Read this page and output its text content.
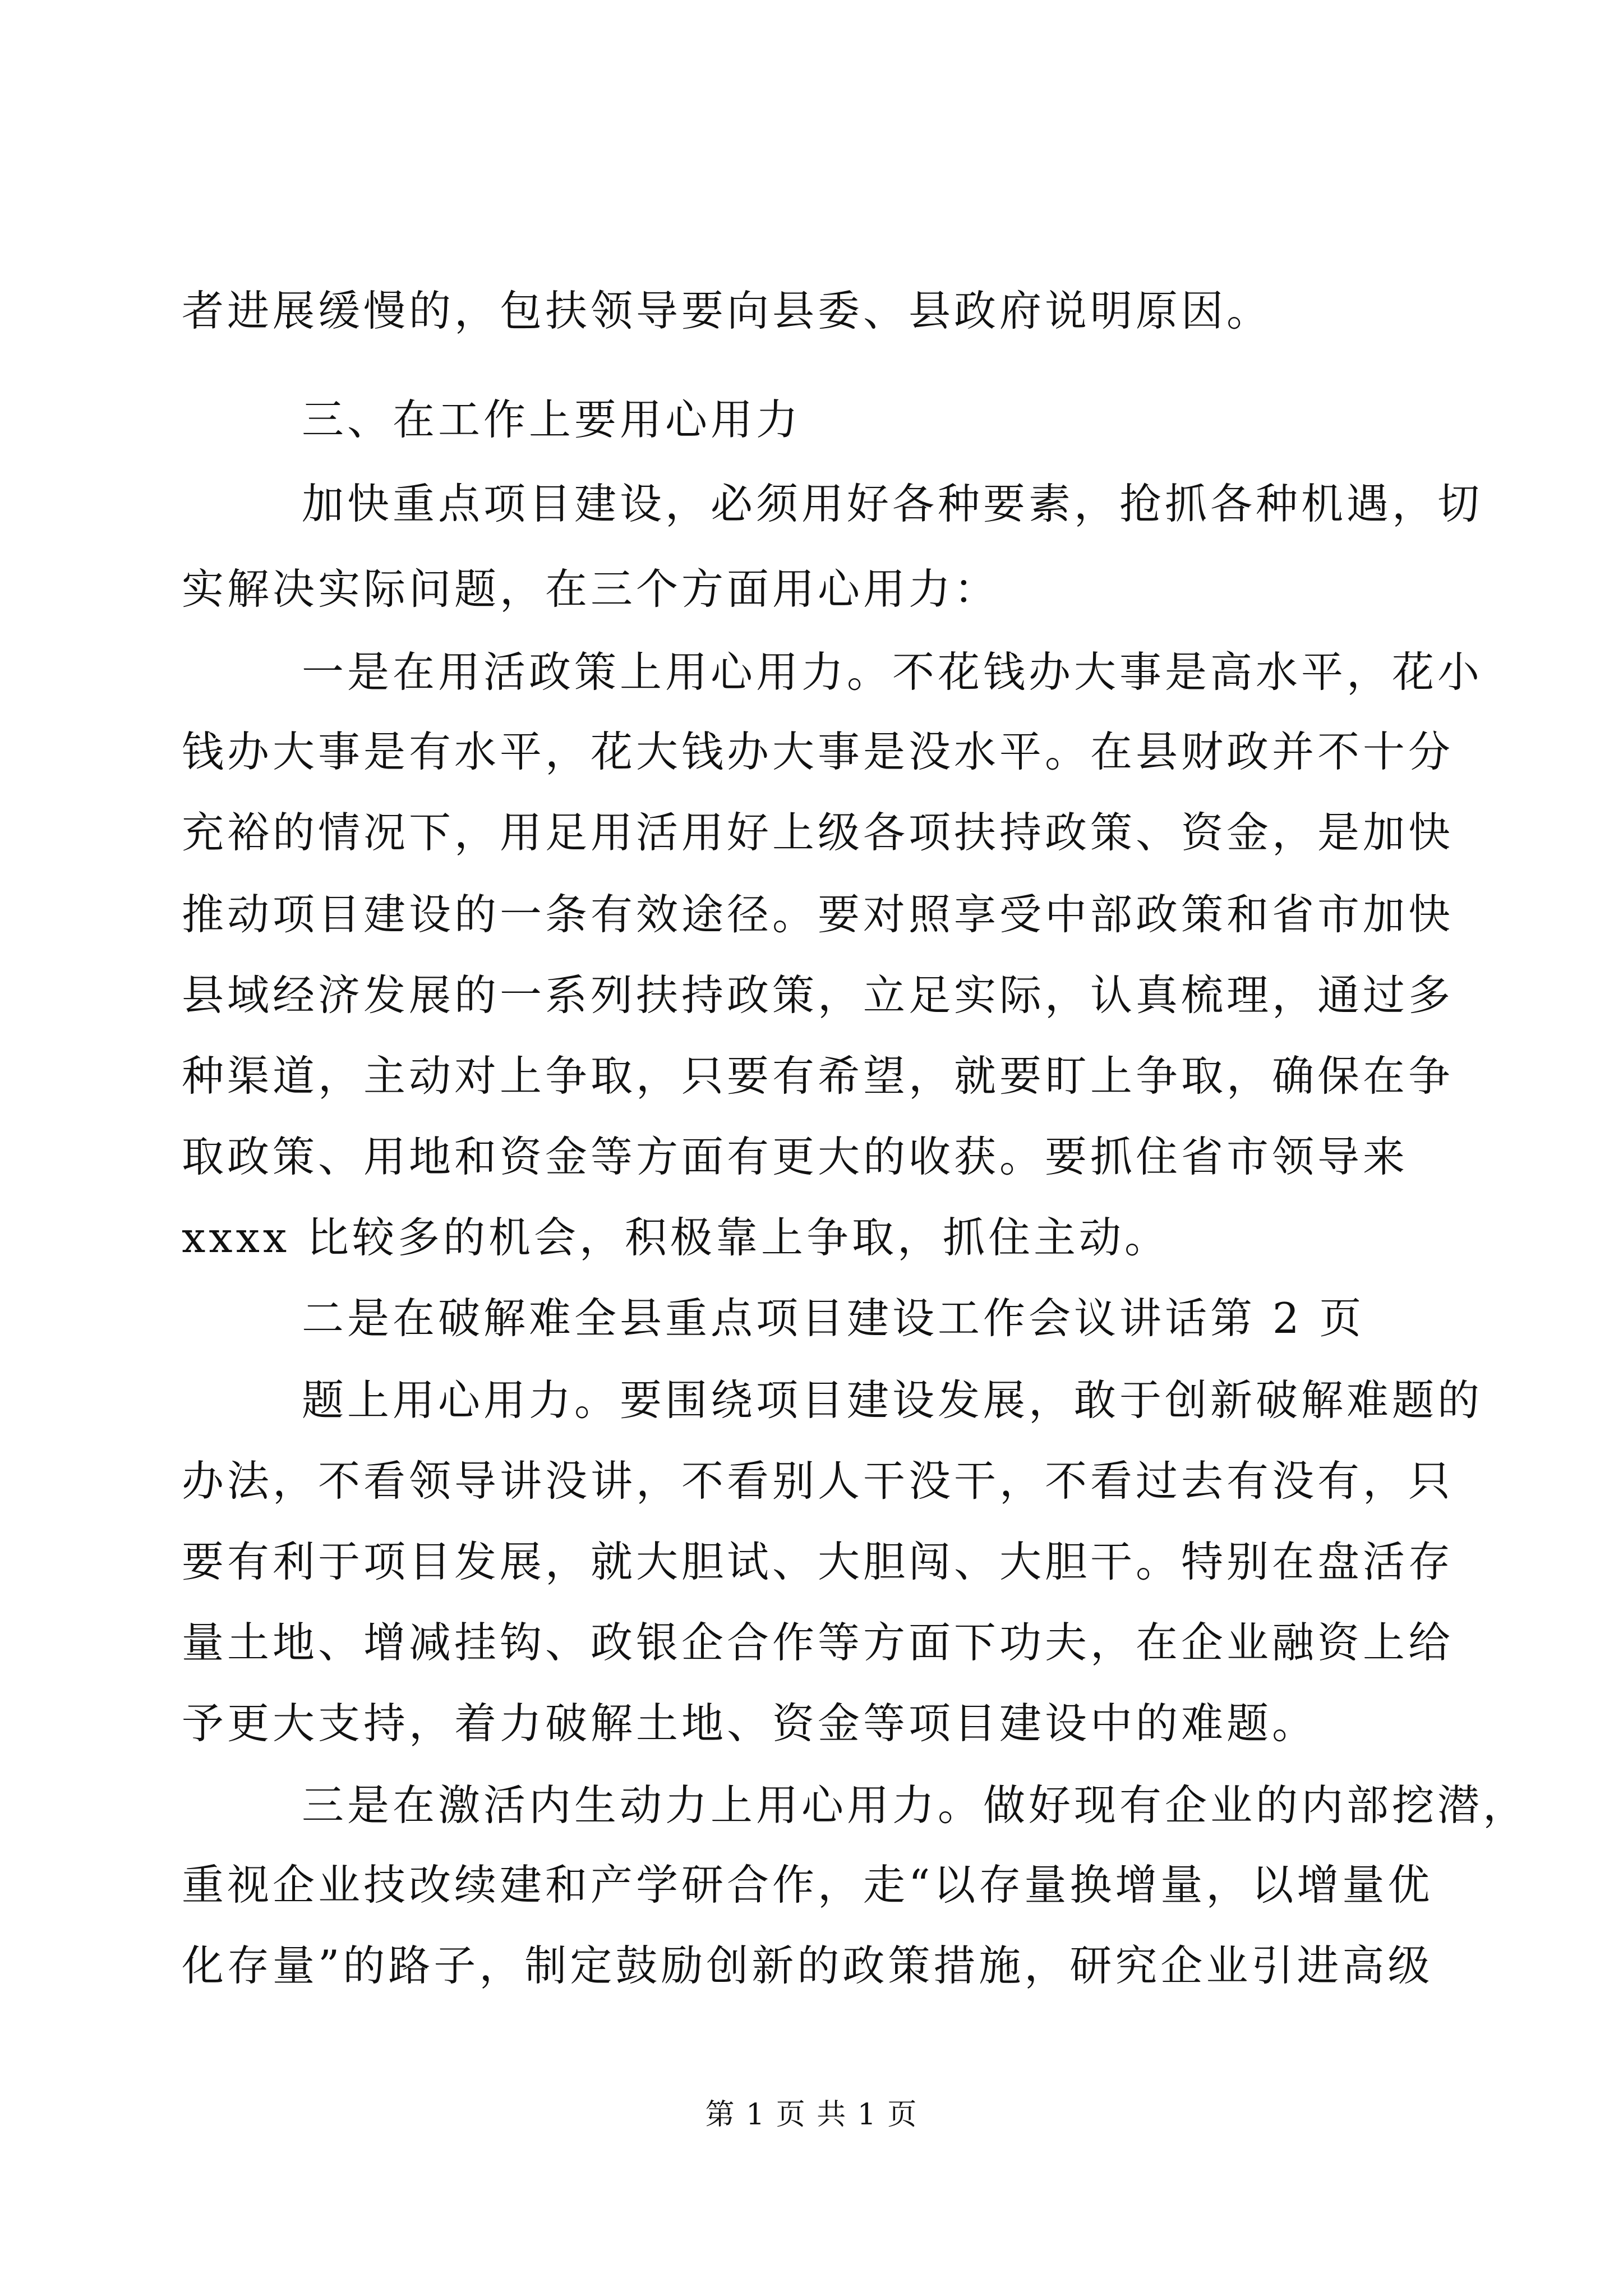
者进展缓慢的，包扶领导要向县委、县政府说明原因。
三、在工作上要用心用力
加快重点项目建设，必须用好各种要素，抢抓各种机遇，切
实解决实际问题，在三个方面用心用力：
一是在用活政策上用心用力。不花钱办大事是高水平，花小
钱办大事是有水平，花大钱办大事是没水平。在县财政并不十分
充裕的情况下，用足用活用好上级各项扶持政策、资金，是加快
推动项目建设的一条有效途径。要对照享受中部政策和省市加快
县域经济发展的一系列扶持政策，立足实际，认真梳理，通过多
种渠道，主动对上争取，只要有希望，就要盯上争取，确保在争
取政策、用地和资金等方面有更大的收获。要抓住省市领导来
xxxx 比较多的机会，积极靠上争取，抓住主动。
二是在破解难全县重点项目建设工作会议讲话第 2 页
题上用心用力。要围绕项目建设发展，敢于创新破解难题的
办法，不看领导讲没讲，不看别人干没干，不看过去有没有，只
要有利于项目发展，就大胆试、大胆闯、大胆干。特别在盘活存
量土地、增减挂钩、政银企合作等方面下功夫，在企业融资上给
予更大支持，着力破解土地、资金等项目建设中的难题。
三是在激活内生动力上用心用力。做好现有企业的内部挖潜，
重视企业技改续建和产学研合作，走“以存量换增量，以增量优
化存量”的路子，制定鼓励创新的政策措施，研究企业引进高级
第 1 页 共 1 页
